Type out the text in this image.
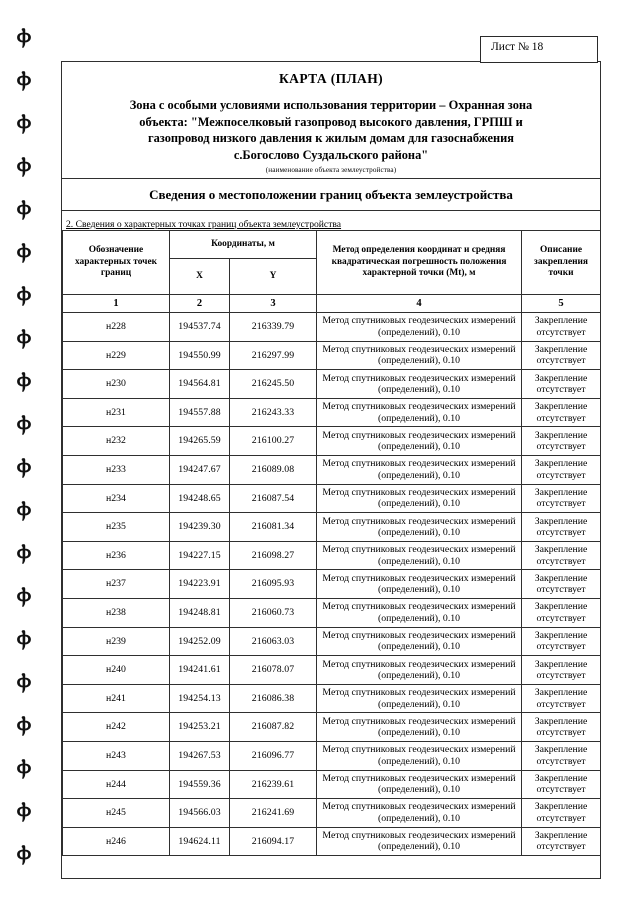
Ⲫ
Ⲫ
Ⲫ
Ⲫ
Ⲫ
Ⲫ
Ⲫ
Ⲫ
Ⲫ
Ⲫ
Ⲫ
Ⲫ
Ⲫ
Ⲫ
Ⲫ
Ⲫ
Ⲫ
Ⲫ
Ⲫ
Ⲫ
Лист № 18
КАРТА (ПЛАН)
Зона с особыми условиями использования территории – Охранная зона
объекта: "Межпоселковый газопровод высокого давления, ГРПШ и
газопровод низкого давления к жилым домам для газоснабжения
с.Богослово Суздальского района"
(наименование объекта землеустройства)
Сведения о местоположении границ объекта землеустройства
2. Сведения о характерных точках границ объекта землеустройства
Обозначение характерных точек границ	Координаты, м		Метод определения координат и средняя квадратическая погрешность положения характерной точки (Mt), м	Описание закрепления точки
	X	Y		
1	2	3	4	5
н228	194537.74	216339.79	Метод спутниковых геодезических измерений (определений), 0.10	Закрепление отсутствует
н229	194550.99	216297.99	Метод спутниковых геодезических измерений (определений), 0.10	Закрепление отсутствует
н230	194564.81	216245.50	Метод спутниковых геодезических измерений (определений), 0.10	Закрепление отсутствует
н231	194557.88	216243.33	Метод спутниковых геодезических измерений (определений), 0.10	Закрепление отсутствует
н232	194265.59	216100.27	Метод спутниковых геодезических измерений (определений), 0.10	Закрепление отсутствует
н233	194247.67	216089.08	Метод спутниковых геодезических измерений (определений), 0.10	Закрепление отсутствует
н234	194248.65	216087.54	Метод спутниковых геодезических измерений (определений), 0.10	Закрепление отсутствует
н235	194239.30	216081.34	Метод спутниковых геодезических измерений (определений), 0.10	Закрепление отсутствует
н236	194227.15	216098.27	Метод спутниковых геодезических измерений (определений), 0.10	Закрепление отсутствует
н237	194223.91	216095.93	Метод спутниковых геодезических измерений (определений), 0.10	Закрепление отсутствует
н238	194248.81	216060.73	Метод спутниковых геодезических измерений (определений), 0.10	Закрепление отсутствует
н239	194252.09	216063.03	Метод спутниковых геодезических измерений (определений), 0.10	Закрепление отсутствует
н240	194241.61	216078.07	Метод спутниковых геодезических измерений (определений), 0.10	Закрепление отсутствует
н241	194254.13	216086.38	Метод спутниковых геодезических измерений (определений), 0.10	Закрепление отсутствует
н242	194253.21	216087.82	Метод спутниковых геодезических измерений (определений), 0.10	Закрепление отсутствует
н243	194267.53	216096.77	Метод спутниковых геодезических измерений (определений), 0.10	Закрепление отсутствует
н244	194559.36	216239.61	Метод спутниковых геодезических измерений (определений), 0.10	Закрепление отсутствует
н245	194566.03	216241.69	Метод спутниковых геодезических измерений (определений), 0.10	Закрепление отсутствует
н246	194624.11	216094.17	Метод спутниковых геодезических измерений (определений), 0.10	Закрепление отсутствует
